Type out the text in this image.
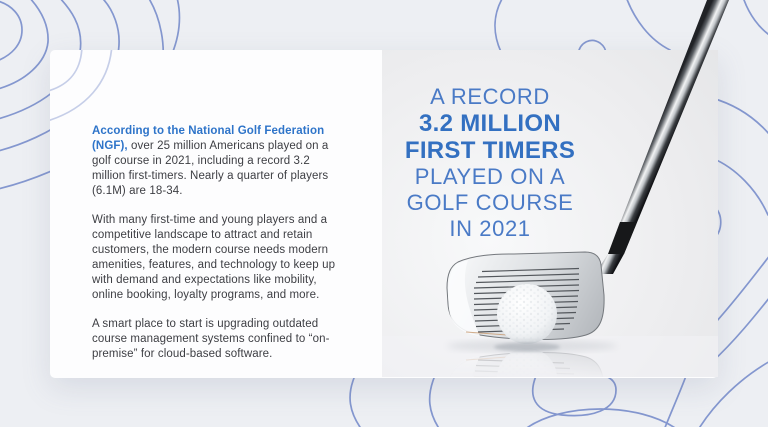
According to the National Golf Federation (NGF), over 25 million Americans played on a golf course in 2021, including a record 3.2 million first-timers. Nearly a quarter of players (6.1M) are 18-34.

With many first-time and young players and a competitive landscape to attract and retain customers, the modern course needs modern amenities, features, and technology to keep up with demand and expectations like mobility, online booking, loyalty programs, and more.

A smart place to start is upgrading outdated course management systems confined to “on-premise” for cloud-based software.

A RECORD
3.2 MILLION
FIRST TIMERS
PLAYED ON A
GOLF COURSE
IN 2021
